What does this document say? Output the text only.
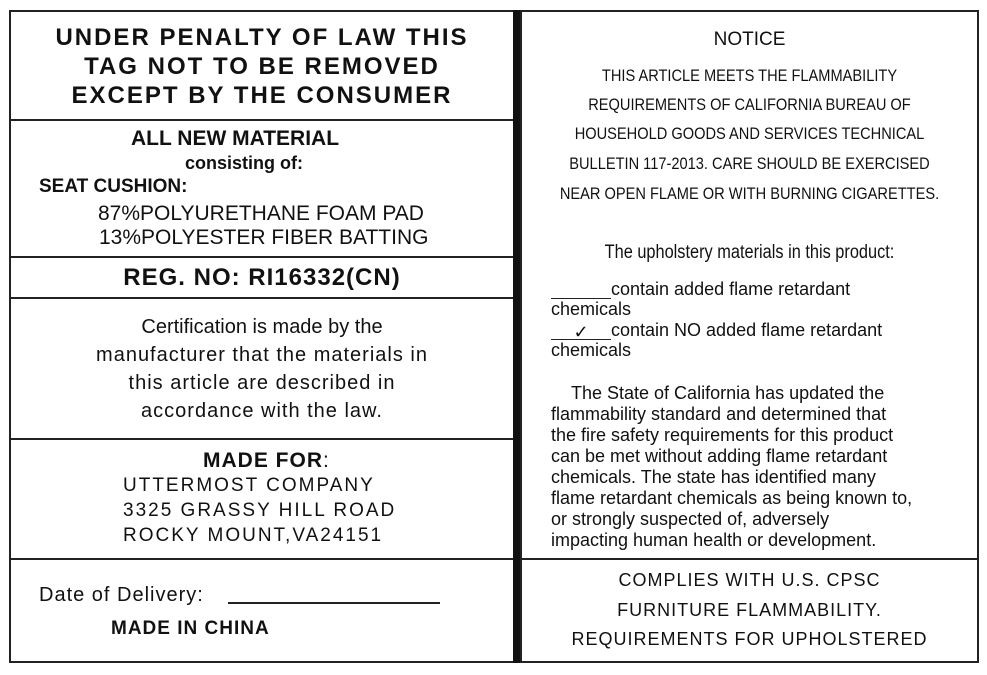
UNDER PENALTY OF LAW THIS
TAG NOT TO BE REMOVED
EXCEPT BY THE CONSUMER
ALL NEW MATERIAL
consisting of:
SEAT CUSHION:
87%POLYURETHANE FOAM PAD
13%POLYESTER FIBER BATTING
REG. NO: RI16332(CN)
Certification is made by the
manufacturer that the materials in
this article are described in
accordance with the law.
MADE FOR:
UTTERMOST COMPANY
3325 GRASSY HILL ROAD
ROCKY MOUNT,VA24151
Date of Delivery:
MADE IN CHINA
NOTICE
THIS ARTICLE MEETS THE FLAMMABILITY
REQUIREMENTS OF CALIFORNIA BUREAU OF
HOUSEHOLD GOODS AND SERVICES TECHNICAL
BULLETIN 117-2013. CARE SHOULD BE EXERCISED
NEAR OPEN FLAME OR WITH BURNING CIGARETTES.
The upholstery materials in this product:
contain added flame retardant
chemicals
✓ contain NO added flame retardant
chemicals
The State of California has updated the
flammability standard and determined that
the fire safety requirements for this product
can be met without adding flame retardant
chemicals. The state has identified many
flame retardant chemicals as being known to,
or strongly suspected of, adversely
impacting human health or development.
COMPLIES WITH U.S. CPSC
FURNITURE FLAMMABILITY.
REQUIREMENTS FOR UPHOLSTERED
